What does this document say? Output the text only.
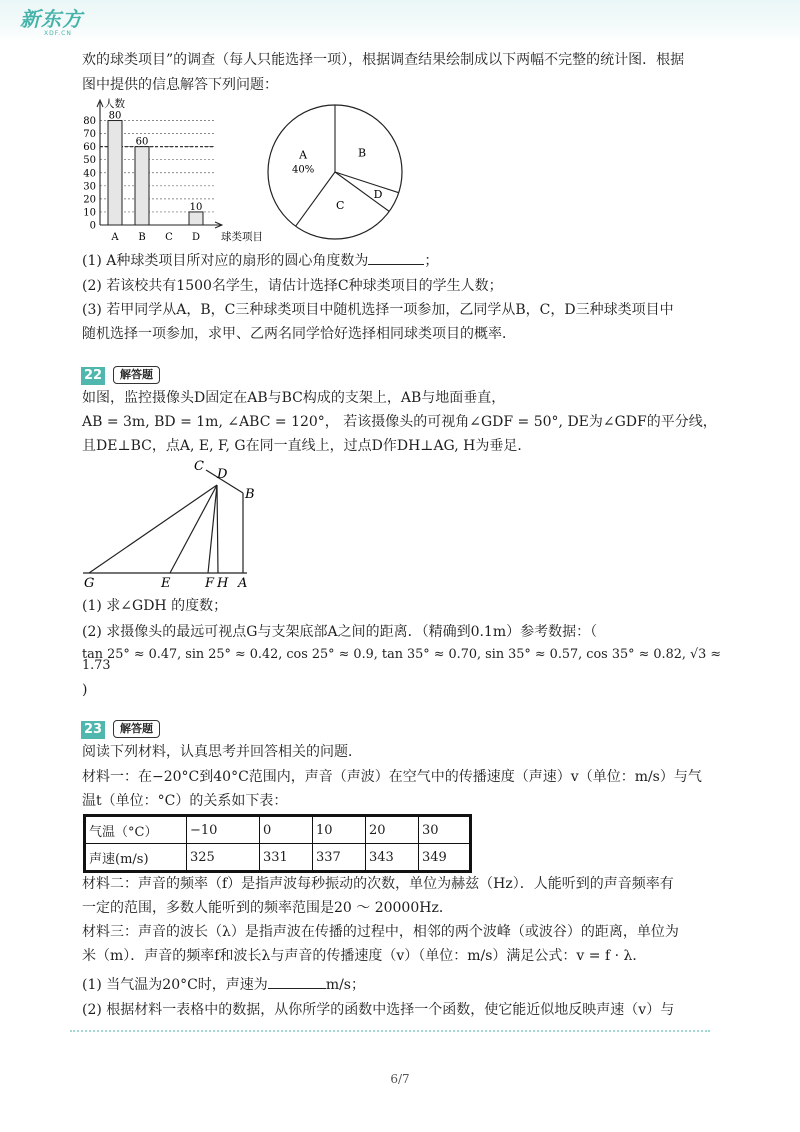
新东方
XDF.CN
欢的球类项目”的调查（每人只能选择一项），根据调查结果绘制成以下两幅不完整的统计图．根据
图中提供的信息解答下列问题：
0
10
20
30
40
50
60
70
80 80
A
60
B C
10
D
人数
球类项目
B
D
C
A
40%
(1) A种球类项目所对应的扇形的圆心角度数为	；
(2) 若该校共有1500名学生，请估计选择C种球类项目的学生人数；
(3) 若甲同学从A，B，C三种球类项目中随机选择一项参加，乙同学从B，C，D三种球类项目中
随机选择一项参加，求甲、乙两名同学恰好选择相同球类项目的概率．
22	解答题
如图，监控摄像头D固定在AB与BC构成的支架上，AB与地面垂直，
AB = 3m, BD = 1m, ∠ABC = 120°， 若该摄像头的可视角∠GDF = 50°, DE为∠GDF的平分线，
且DE⊥BC，点A, E, F, G在同一直线上，过点D作DH⊥AG, H为垂足．
C
D
B
G	E	F H A
(1) 求∠GDH 的度数；
(2) 求摄像头的最远可视点G与支架底部A之间的距离．（精确到0.1m）参考数据：（
tan 25° ≈ 0.47, sin 25° ≈ 0.42, cos 25° ≈ 0.9, tan 35° ≈ 0.70, sin 35° ≈ 0.57, cos 35° ≈ 0.82, √3 ≈
1.73
)
23	解答题
阅读下列材料，认真思考并回答相关的问题．
材料一：在−20°C到40°C范围内，声音（声波）在空气中的传播速度（声速）v（单位：m/s）与气
温t（单位：°C）的关系如下表：
气温（°C）	−10	0	10	20	30
声速(m/s)	325	331	337	343	349
材料二：声音的频率（f）是指声波每秒振动的次数，单位为赫兹（Hz）．人能听到的声音频率有
一定的范围，多数人能听到的频率范围是20 ～ 20000Hz．
材料三：声音的波长（λ）是指声波在传播的过程中，相邻的两个波峰（或波谷）的距离，单位为
米（m）．声音的频率f和波长λ与声音的传播速度（v）（单位：m/s）满足公式：v = f · λ．
(1) 当气温为20°C时，声速为	m/s；
(2) 根据材料一表格中的数据，从你所学的函数中选择一个函数，使它能近似地反映声速（v）与
6/7
